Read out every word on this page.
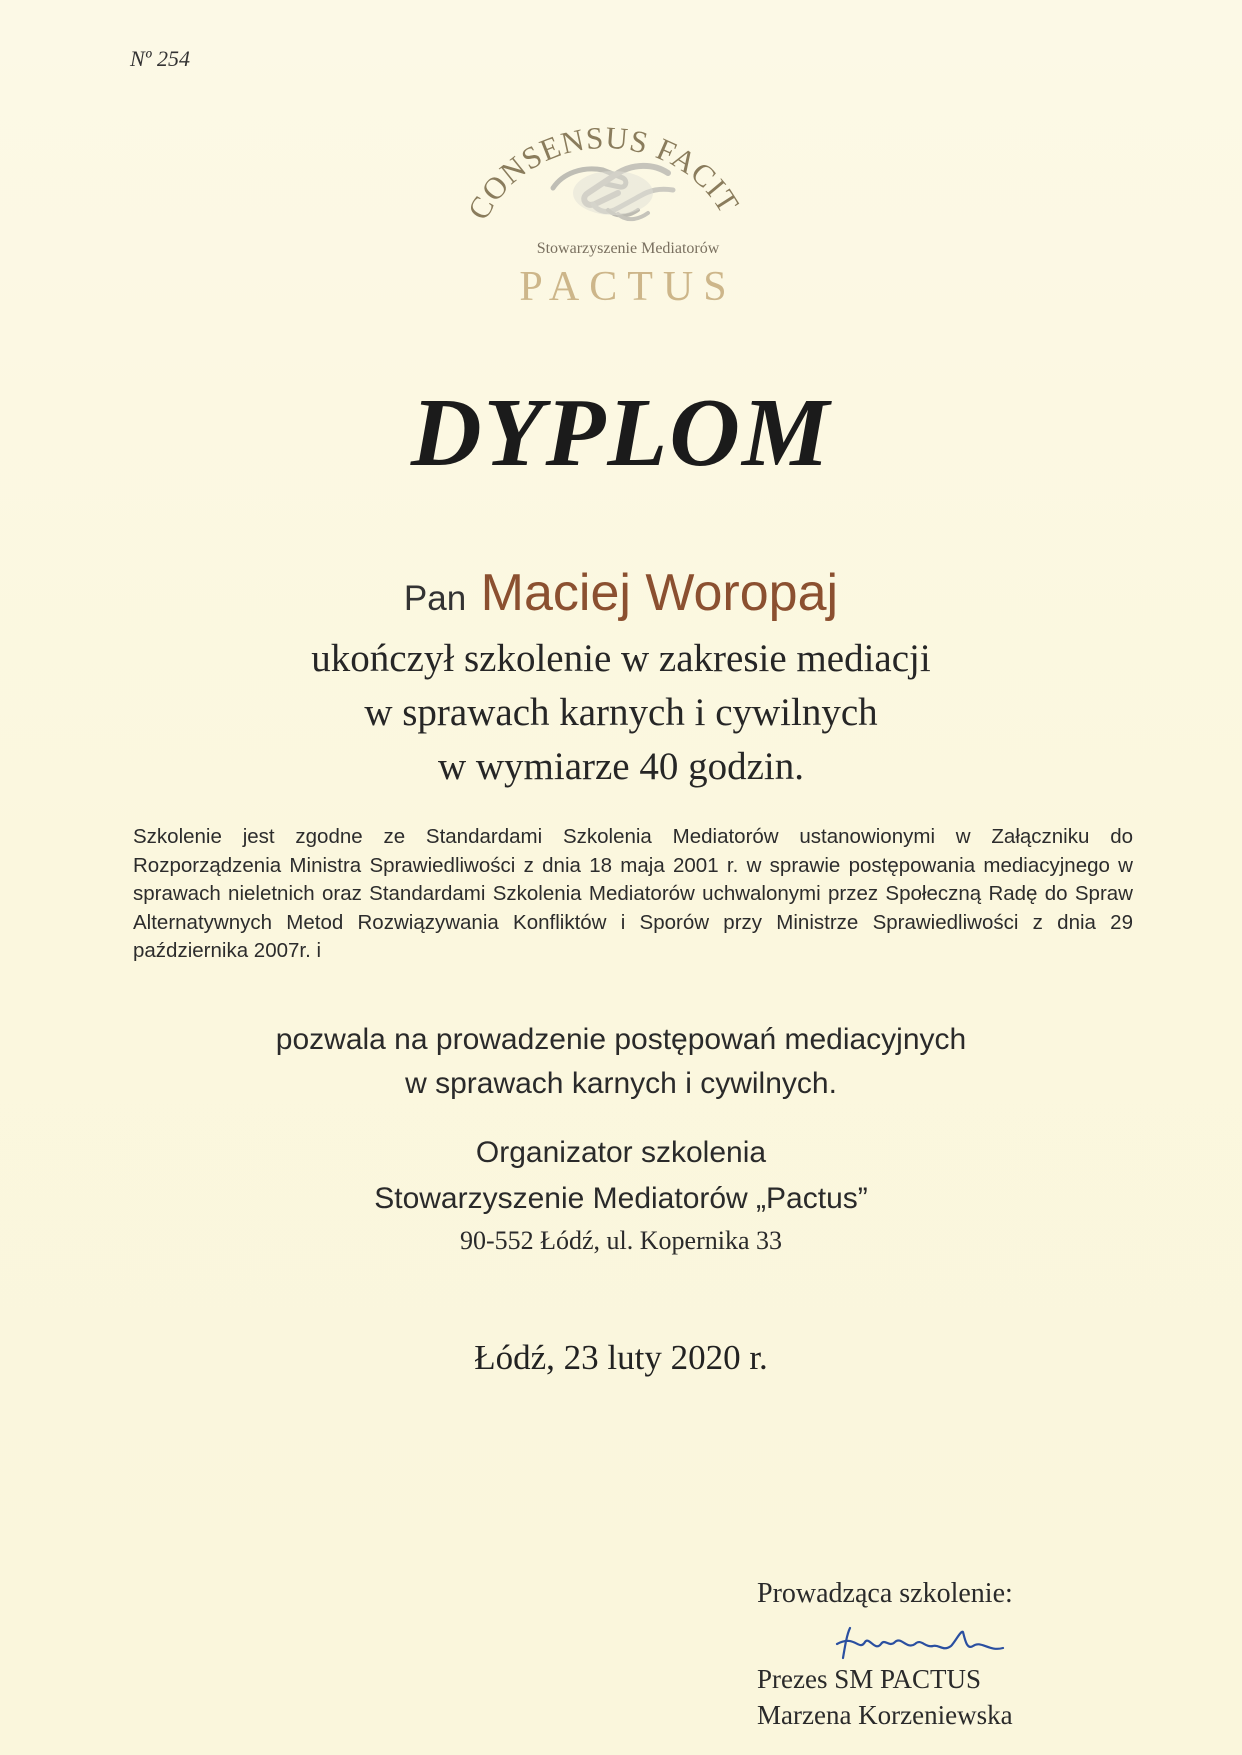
Nº 254
ONSENSUS FACIT
Stowarzyszenie Mediatorów
PACTUS
DYPLOM
Pan Maciej Woropaj
ukończył szkolenie w zakresie mediacji
w sprawach karnych i cywilnych
w wymiarze 40 godzin.
Szkolenie jest zgodne ze Standardami Szkolenia Mediatorów ustanowionymi w Załączniku do Rozporządzenia Ministra Sprawiedliwości z dnia 18 maja 2001 r. w sprawie postępowania mediacyjnego w sprawach nieletnich oraz Standardami Szkolenia Mediatorów uchwalonymi przez Społeczną Radę do Spraw Alternatywnych Metod Rozwiązywania Konfliktów i Sporów przy Ministrze Sprawiedliwości z dnia 29 października 2007r. i
pozwala na prowadzenie postępowań mediacyjnych
w sprawach karnych i cywilnych.
Organizator szkolenia
Stowarzyszenie Mediatorów „Pactus”
90-552 Łódź, ul. Kopernika 33
Łódź, 23 luty 2020 r.
Prowadząca szkolenie:
Prezes SM PACTUS
Marzena Korzeniewska
